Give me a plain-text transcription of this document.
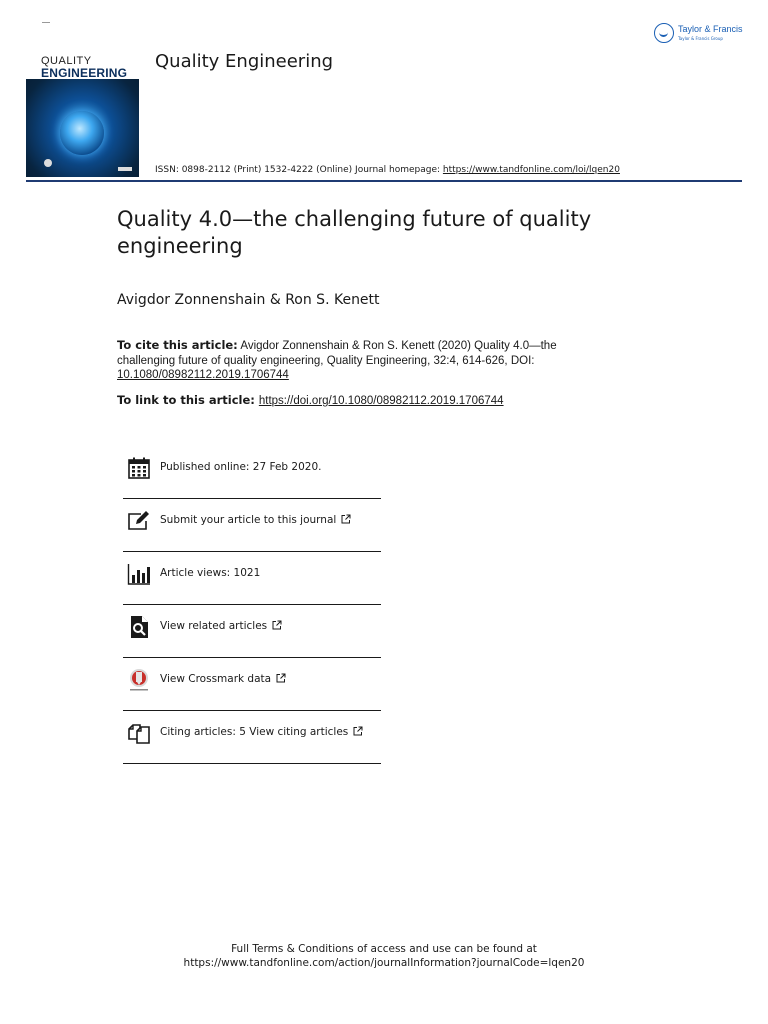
QUALITY
ENGINEERING
Quality Engineering
Taylor & Francis
Taylor & Francis Group
ISSN: 0898-2112 (Print) 1532-4222 (Online) Journal homepage: https://www.tandfonline.com/loi/lqen20
Quality 4.0—the challenging future of quality engineering
Avigdor Zonnenshain & Ron S. Kenett
To cite this article: Avigdor Zonnenshain & Ron S. Kenett (2020) Quality 4.0—the challenging future of quality engineering, Quality Engineering, 32:4, 614-626, DOI: 10.1080/08982112.2019.1706744
To link to this article: https://doi.org/10.1080/08982112.2019.1706744
Published online: 27 Feb 2020.
Submit your article to this journal
Article views: 1021
View related articles
View Crossmark data
Citing articles: 5 View citing articles
Full Terms & Conditions of access and use can be found at
https://www.tandfonline.com/action/journalInformation?journalCode=lqen20
